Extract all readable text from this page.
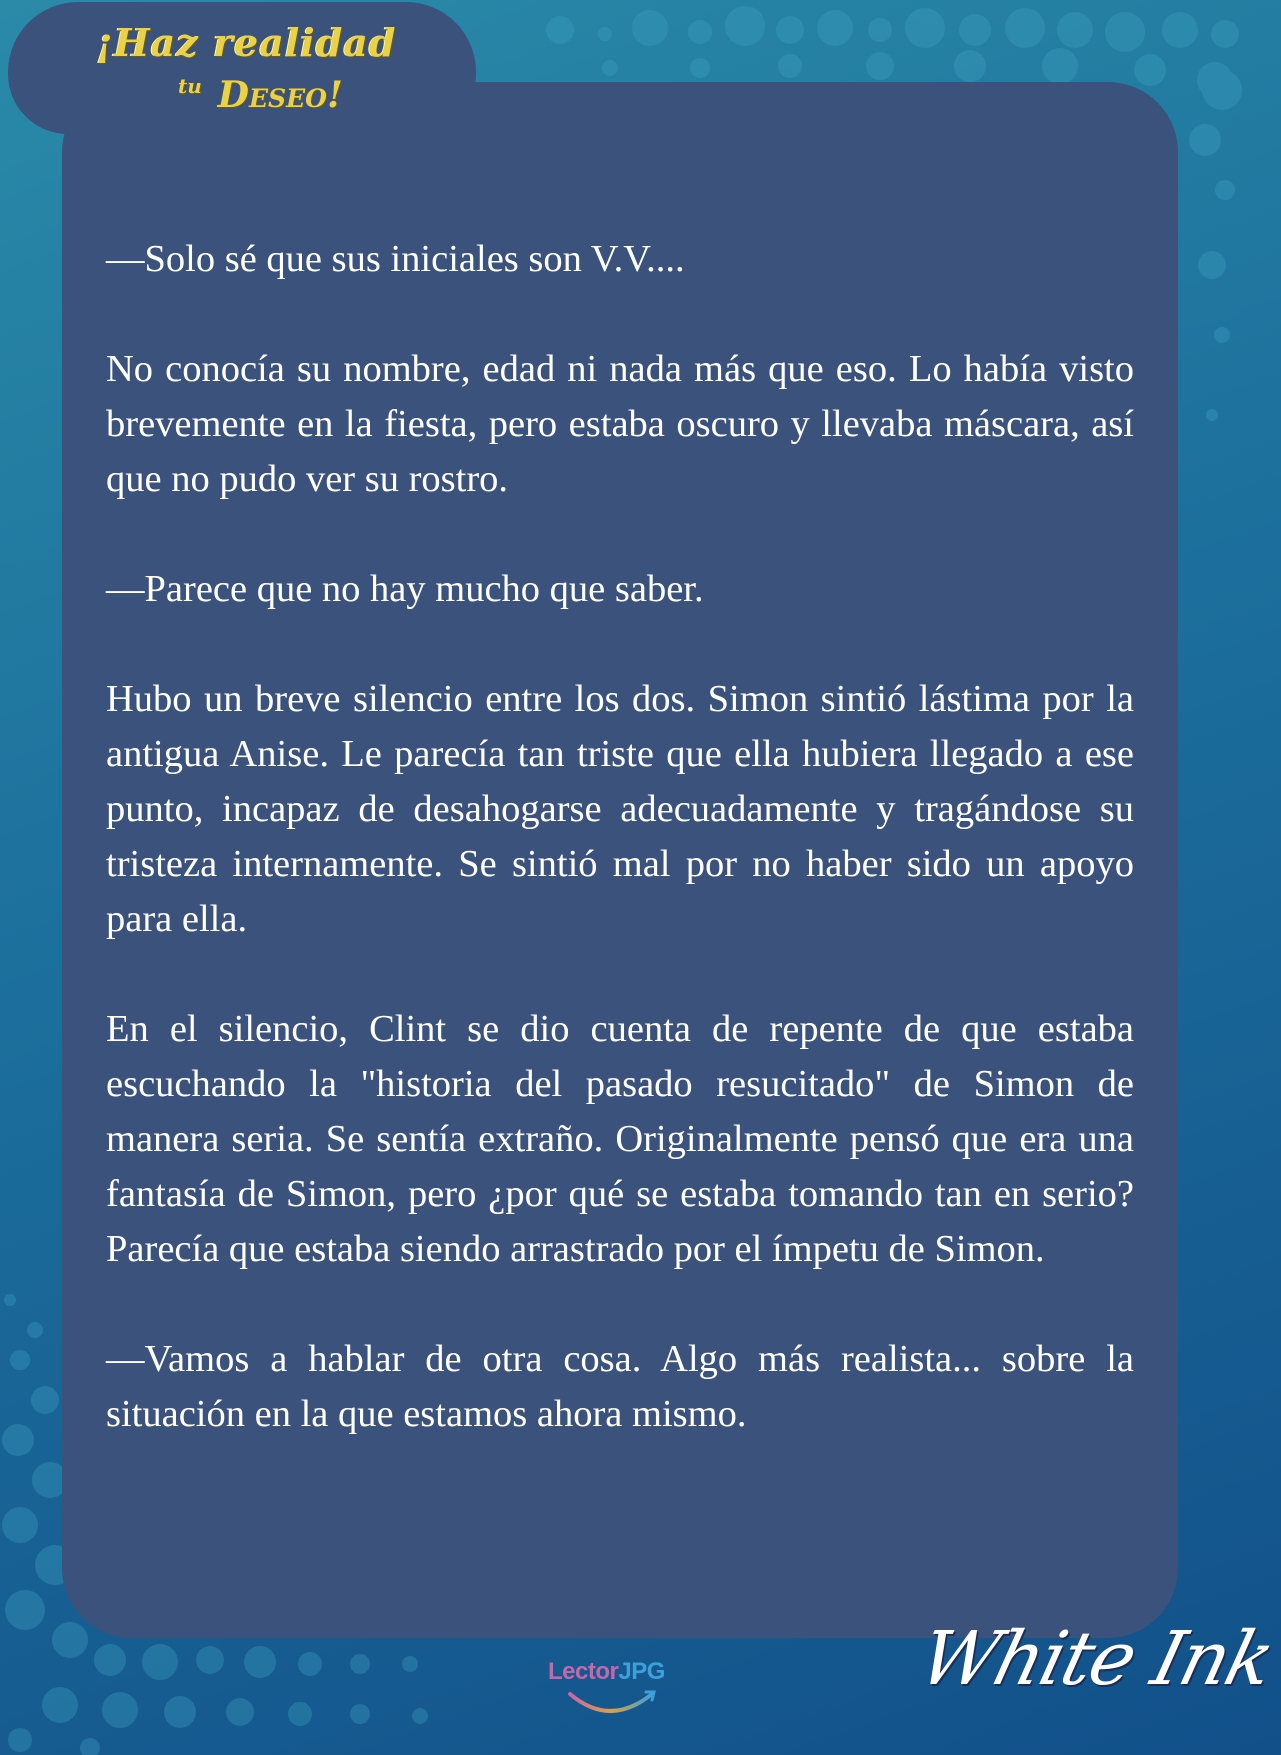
¡Haz realidad
tu Deseo!

—Solo sé que sus iniciales son V.V....

No conocía su nombre, edad ni nada más que eso. Lo había visto brevemente en la fiesta, pero estaba oscuro y llevaba máscara, así que no pudo ver su rostro.

—Parece que no hay mucho que saber.

Hubo un breve silencio entre los dos. Simon sintió lástima por la antigua Anise. Le parecía tan triste que ella hubiera llegado a ese punto, incapaz de desahogarse adecuadamente y tragándose su tristeza internamente. Se sintió mal por no haber sido un apoyo para ella.

En el silencio, Clint se dio cuenta de repente de que estaba escuchando la "historia del pasado resucitado" de Simon de manera seria. Se sentía extraño. Originalmente pensó que era una fantasía de Simon, pero ¿por qué se estaba tomando tan en serio? Parecía que estaba siendo arrastrado por el ímpetu de Simon.

—Vamos a hablar de otra cosa. Algo más realista... sobre la situación en la que estamos ahora mismo.

LectorJPG	White Ink
